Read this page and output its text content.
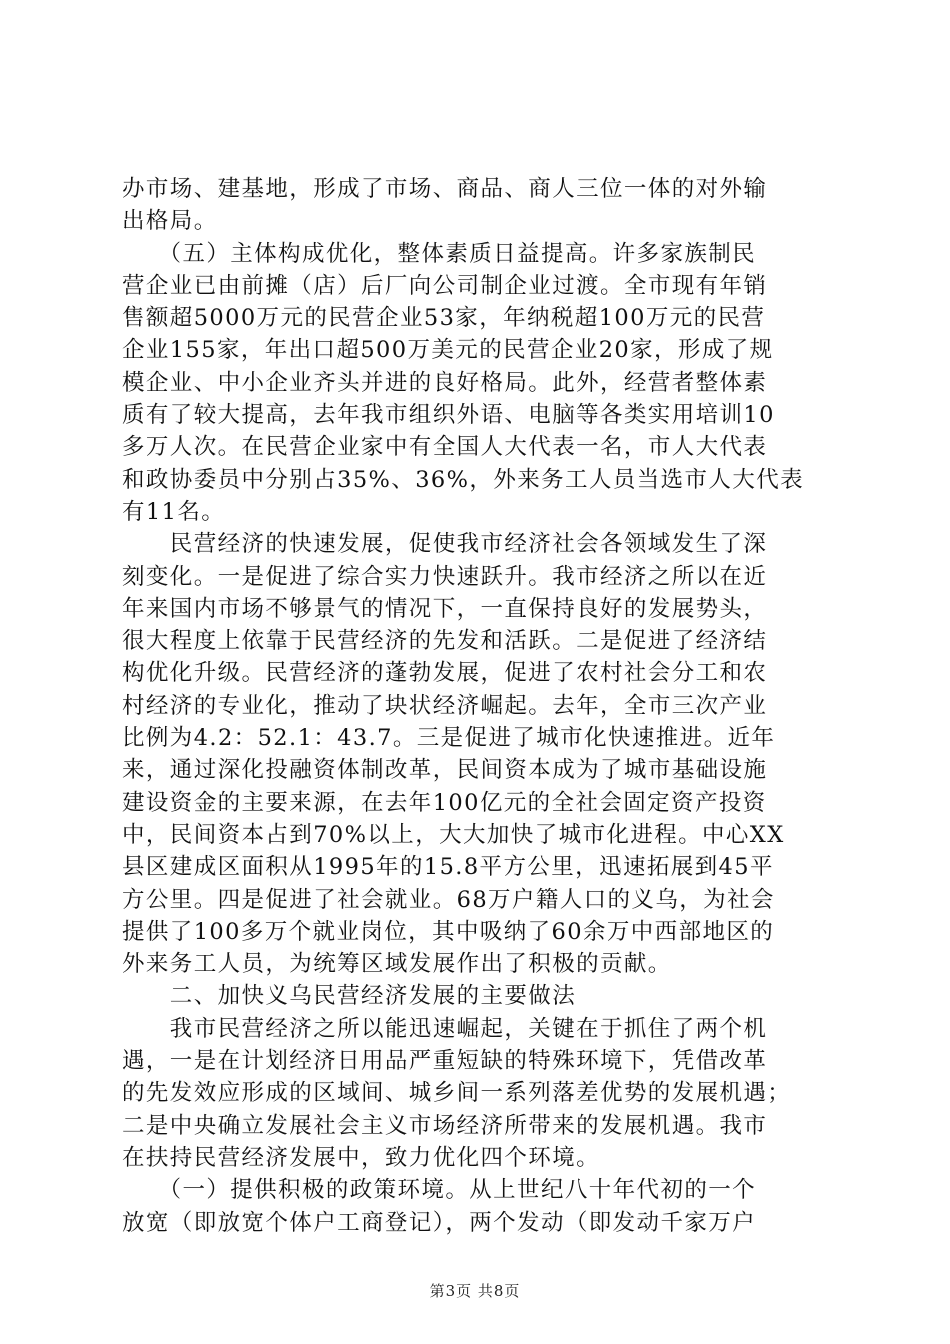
办市场、建基地，形成了市场、商品、商人三位一体的对外输
出格局。
　　（五）主体构成优化，整体素质日益提高。许多家族制民
营企业已由前摊（店）后厂向公司制企业过渡。全市现有年销
售额超5000万元的民营企业53家，年纳税超100万元的民营
企业155家，年出口超500万美元的民营企业20家，形成了规
模企业、中小企业齐头并进的良好格局。此外，经营者整体素
质有了较大提高，去年我市组织外语、电脑等各类实用培训10
多万人次。在民营企业家中有全国人大代表一名，市人大代表
和政协委员中分别占35%、36%，外来务工人员当选市人大代表
有11名。
　　民营经济的快速发展，促使我市经济社会各领域发生了深
刻变化。一是促进了综合实力快速跃升。我市经济之所以在近
年来国内市场不够景气的情况下，一直保持良好的发展势头，
很大程度上依靠于民营经济的先发和活跃。二是促进了经济结
构优化升级。民营经济的蓬勃发展，促进了农村社会分工和农
村经济的专业化，推动了块状经济崛起。去年，全市三次产业
比例为4.2：52.1：43.7。三是促进了城市化快速推进。近年
来，通过深化投融资体制改革，民间资本成为了城市基础设施
建设资金的主要来源，在去年100亿元的全社会固定资产投资
中，民间资本占到70%以上，大大加快了城市化进程。中心XX
县区建成区面积从1995年的15.8平方公里，迅速拓展到45平
方公里。四是促进了社会就业。68万户籍人口的义乌，为社会
提供了100多万个就业岗位，其中吸纳了60余万中西部地区的
外来务工人员，为统筹区域发展作出了积极的贡献。
　　二、加快义乌民营经济发展的主要做法
　　我市民营经济之所以能迅速崛起，关键在于抓住了两个机
遇，一是在计划经济日用品严重短缺的特殊环境下，凭借改革
的先发效应形成的区域间、城乡间一系列落差优势的发展机遇；
二是中央确立发展社会主义市场经济所带来的发展机遇。我市
在扶持民营经济发展中，致力优化四个环境。
　　（一）提供积极的政策环境。从上世纪八十年代初的一个
放宽（即放宽个体户工商登记），两个发动（即发动千家万户
第3页 共8页
